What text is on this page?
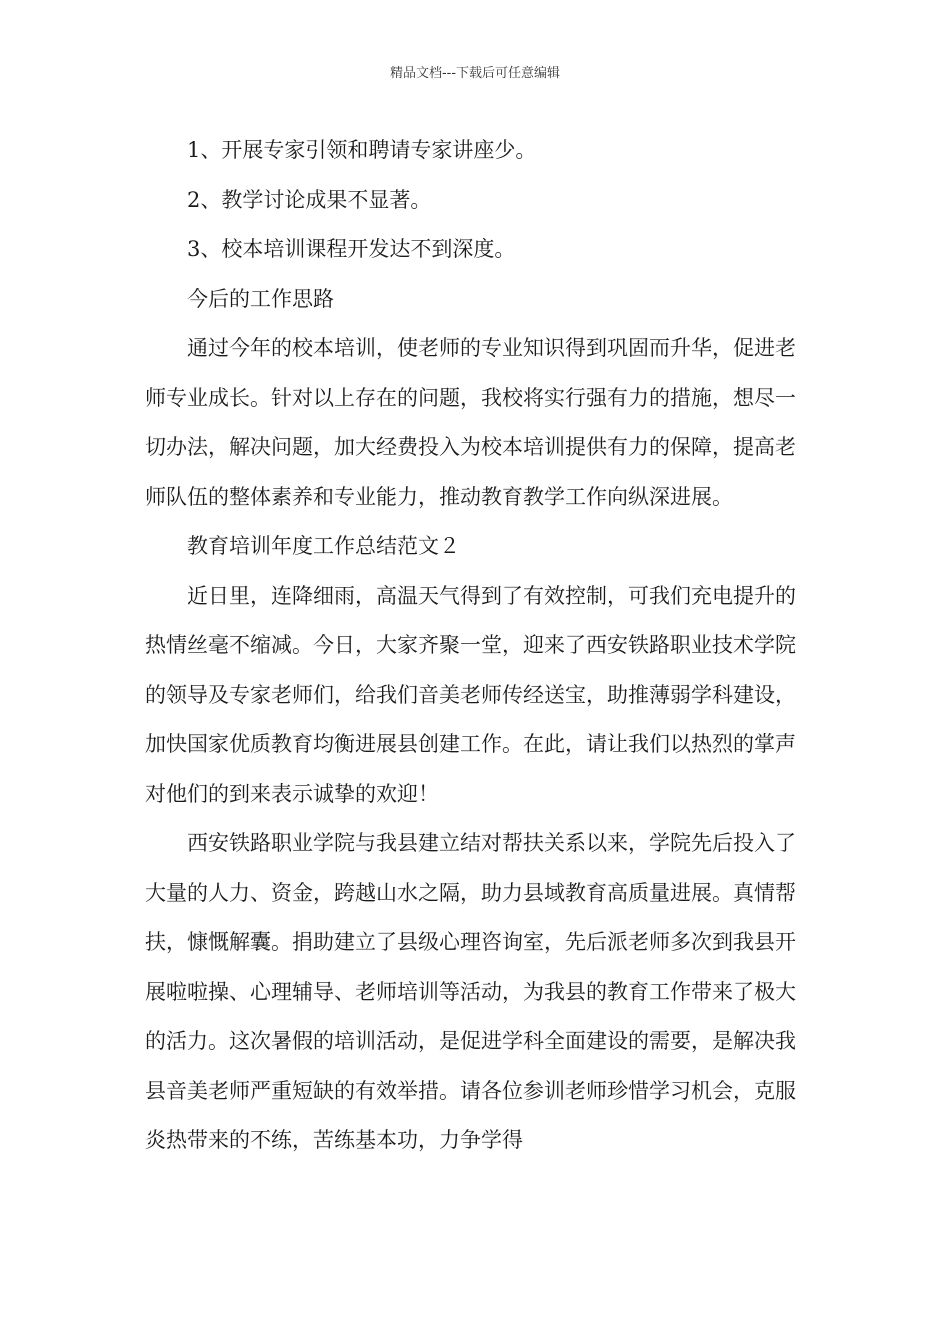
精品文档---下载后可任意编辑

1、开展专家引领和聘请专家讲座少。

2、教学讨论成果不显著。

3、校本培训课程开发达不到深度。

今后的工作思路

通过今年的校本培训，使老师的专业知识得到巩固而升华，促进老师专业成长。针对以上存在的问题，我校将实行强有力的措施，想尽一切办法，解决问题，加大经费投入为校本培训提供有力的保障，提高老师队伍的整体素养和专业能力，推动教育教学工作向纵深进展。

教育培训年度工作总结范文２

近日里，连降细雨，高温天气得到了有效控制，可我们充电提升的热情丝毫不缩减。今日，大家齐聚一堂，迎来了西安铁路职业技术学院的领导及专家老师们，给我们音美老师传经送宝，助推薄弱学科建设，加快国家优质教育均衡进展县创建工作。在此，请让我们以热烈的掌声对他们的到来表示诚挚的欢迎！

西安铁路职业学院与我县建立结对帮扶关系以来，学院先后投入了大量的人力、资金，跨越山水之隔，助力县域教育高质量进展。真情帮扶，慷慨解囊。捐助建立了县级心理咨询室，先后派老师多次到我县开展啦啦操、心理辅导、老师培训等活动，为我县的教育工作带来了极大的活力。这次暑假的培训活动，是促进学科全面建设的需要，是解决我县音美老师严重短缺的有效举措。请各位参训老师珍惜学习机会，克服炎热带来的不练，苦练基本功，力争学得
